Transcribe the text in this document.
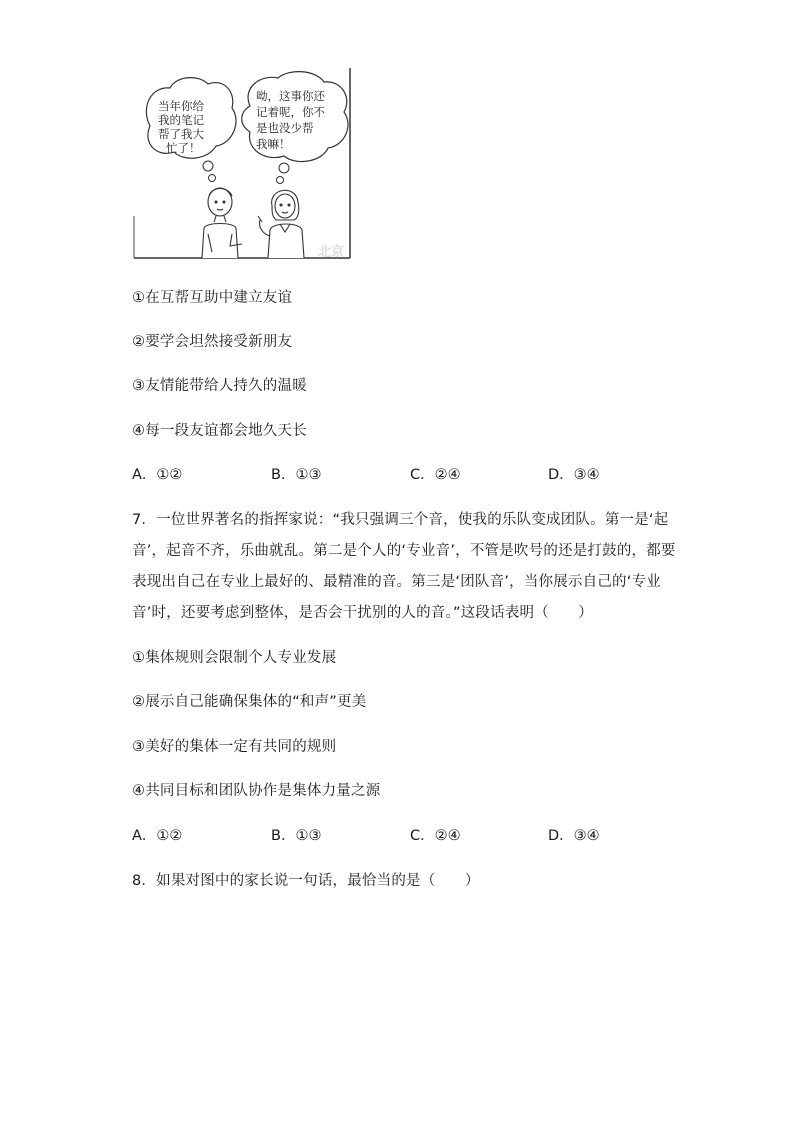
当年你给
我的笔记
帮了我大
忙了！
呦，这事你还
记着呢，你不
是也没少帮
我嘛！
北京
①在互帮互助中建立友谊
②要学会坦然接受新朋友
③友情能带给人持久的温暖
④每一段友谊都会地久天长
A．①②	B．①③	C．②④	D．③④
7．一位世界著名的指挥家说：“我只强调三个音，使我的乐队变成团队。第一是‘起
音’，起音不齐，乐曲就乱。第二是个人的‘专业音’，不管是吹号的还是打鼓的，都要
表现出自己在专业上最好的、最精准的音。第三是‘团队音’，当你展示自己的‘专业
音’时，还要考虑到整体，是否会干扰别的人的音。”这段话表明（　　）
①集体规则会限制个人专业发展
②展示自己能确保集体的“和声”更美
③美好的集体一定有共同的规则
④共同目标和团队协作是集体力量之源
A．①②	B．①③	C．②④	D．③④
8．如果对图中的家长说一句话，最恰当的是（　　）
